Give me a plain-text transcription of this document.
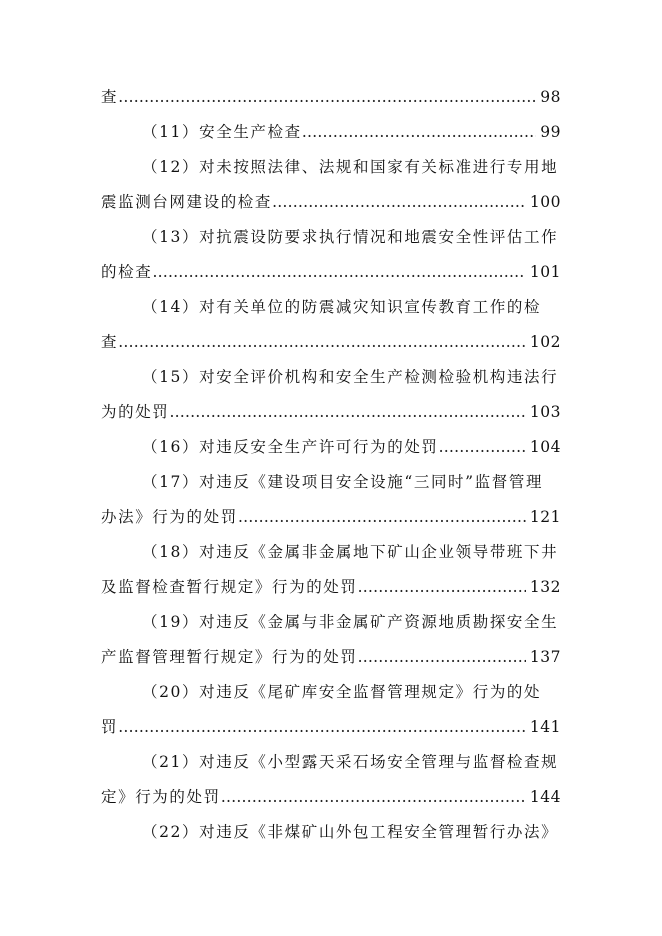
查 …………………………………………………………………………………………………………………………………………………………………………	98
（11）安全生产检查 …………………………………………………………………………………………………………………………………………………………………………	99
（12）对未按照法律、法规和国家有关标准进行专用地
震监测台网建设的检查 …………………………………………………………………………………………………………………………………………………………………………	100
（13）对抗震设防要求执行情况和地震安全性评估工作
的检查 …………………………………………………………………………………………………………………………………………………………………………	101
（14）对有关单位的防震减灾知识宣传教育工作的检
查 …………………………………………………………………………………………………………………………………………………………………………	102
（15）对安全评价机构和安全生产检测检验机构违法行
为的处罚 …………………………………………………………………………………………………………………………………………………………………………	103
（16）对违反安全生产许可行为的处罚 …………………………………………………………………………………………………………………………………………………………………………	104
（17）对违反《建设项目安全设施“三同时”监督管理
办法》行为的处罚 …………………………………………………………………………………………………………………………………………………………………………	121
（18）对违反《金属非金属地下矿山企业领导带班下井
及监督检查暂行规定》行为的处罚 …………………………………………………………………………………………………………………………………………………………………………	132
（19）对违反《金属与非金属矿产资源地质勘探安全生
产监督管理暂行规定》行为的处罚 …………………………………………………………………………………………………………………………………………………………………………	137
（20）对违反《尾矿库安全监督管理规定》行为的处
罚 …………………………………………………………………………………………………………………………………………………………………………	141
（21）对违反《小型露天采石场安全管理与监督检查规
定》行为的处罚 …………………………………………………………………………………………………………………………………………………………………………	144
（22）对违反《非煤矿山外包工程安全管理暂行办法》
